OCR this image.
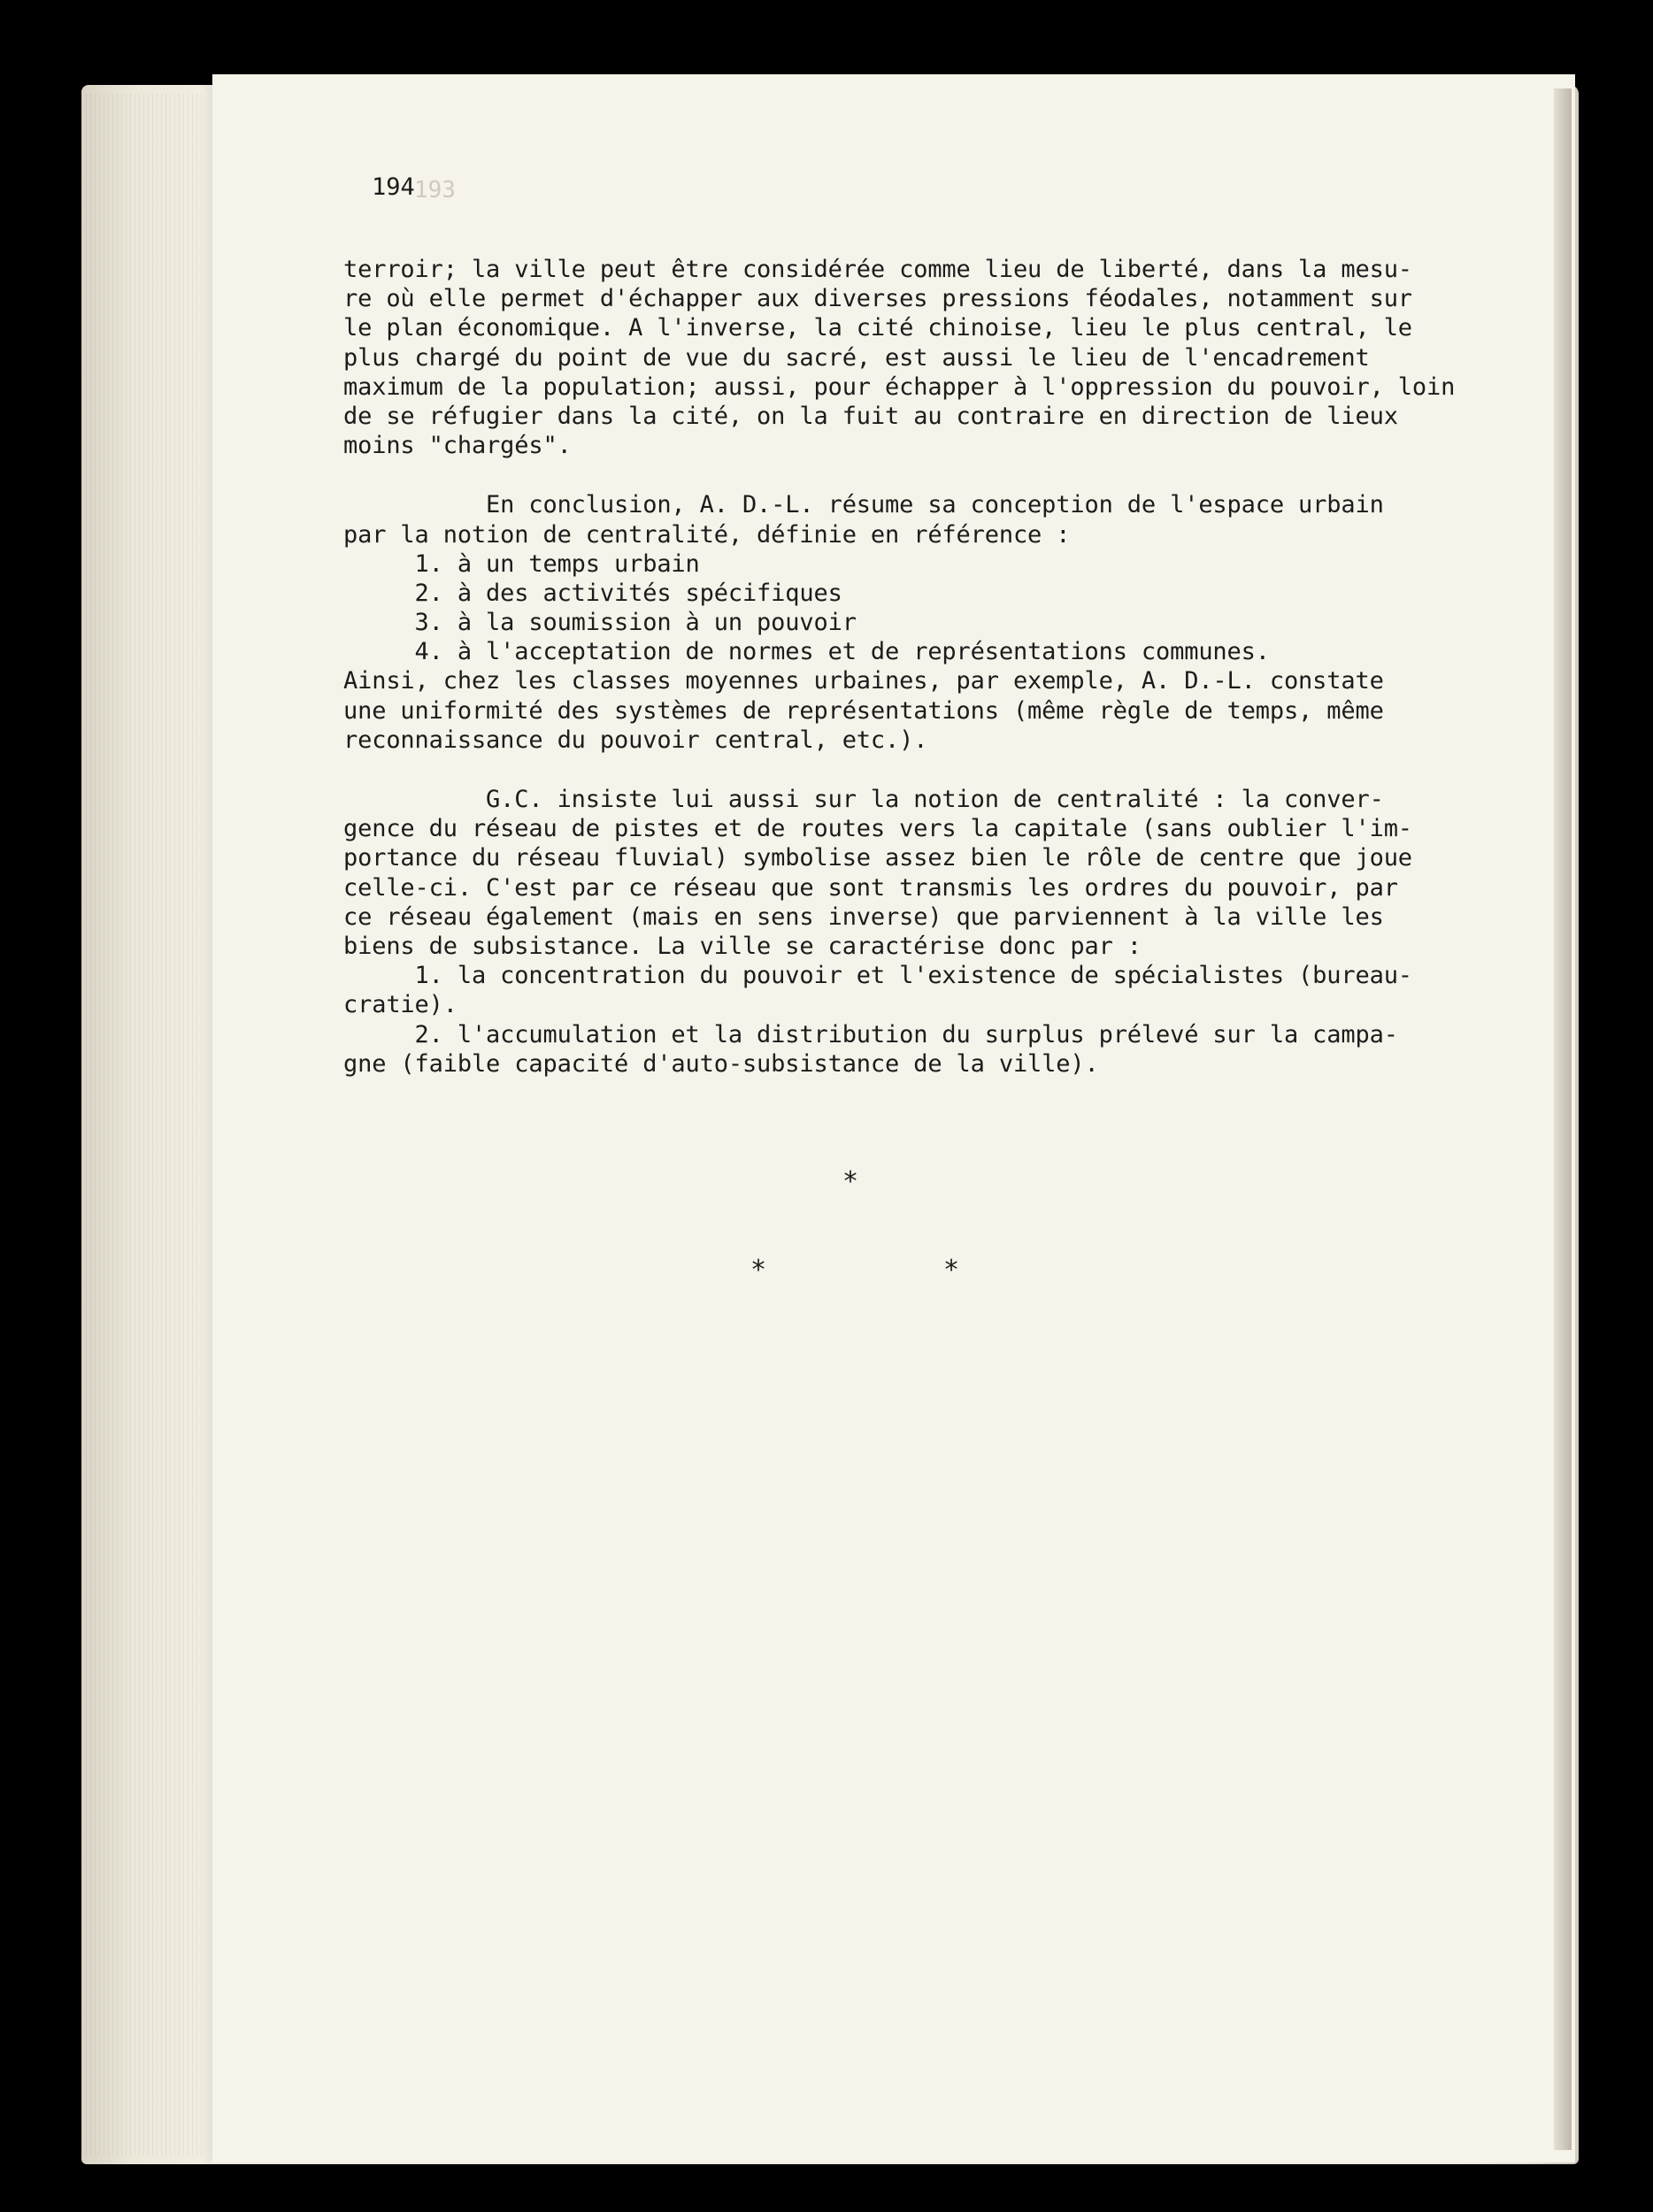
194 193
terroir; la ville peut être considérée comme lieu de liberté, dans la mesu-
re où elle permet d'échapper aux diverses pressions féodales, notamment sur
le plan économique. A l'inverse, la cité chinoise, lieu le plus central, le
plus chargé du point de vue du sacré, est aussi le lieu de l'encadrement
maximum de la population; aussi, pour échapper à l'oppression du pouvoir, loin
de se réfugier dans la cité, on la fuit au contraire en direction de lieux
moins "chargés".
En conclusion, A. D.-L. résume sa conception de l'espace urbain
par la notion de centralité, définie en référence :
1. à un temps urbain
2. à des activités spécifiques
3. à la soumission à un pouvoir
4. à l'acceptation de normes et de représentations communes.
Ainsi, chez les classes moyennes urbaines, par exemple, A. D.-L. constate
une uniformité des systèmes de représentations (même règle de temps, même
reconnaissance du pouvoir central, etc.).
G.C. insiste lui aussi sur la notion de centralité : la conver-
gence du réseau de pistes et de routes vers la capitale (sans oublier l'im-
portance du réseau fluvial) symbolise assez bien le rôle de centre que joue
celle-ci. C'est par ce réseau que sont transmis les ordres du pouvoir, par
ce réseau également (mais en sens inverse) que parviennent à la ville les
biens de subsistance. La ville se caractérise donc par :
1. la concentration du pouvoir et l'existence de spécialistes (bureau-
cratie).
2. l'accumulation et la distribution du surplus prélevé sur la campa-
gne (faible capacité d'auto-subsistance de la ville).
*
*	*
